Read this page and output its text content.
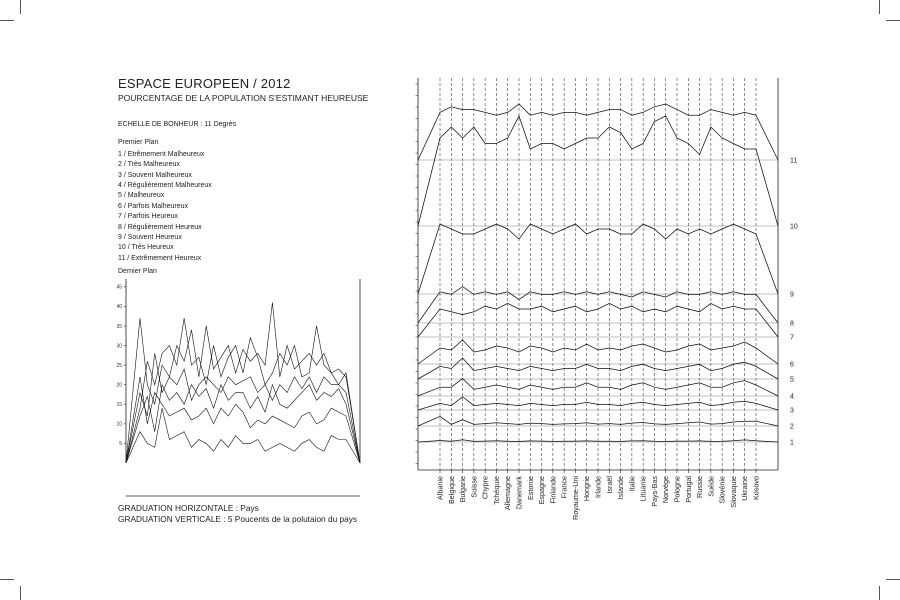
ESPACE EUROPEEN / 2012
POURCENTAGE DE LA POPULATION S’ESTIMANT HEUREUSE
ECHELLE DE BONHEUR : 11 Degrès
Premier Plan
1 / Etrêmement Malheureux
2 / Très Malheureux
3 / Souvent Malheureux
4 / Régulièrement Malheureux
5 / Malheureux
6 / Parfois Malheureux
7 / Parfois Heureux
8 / Régulièrement Heureux
9 / Souvent Heureux
10 / Très Heureux
11 / Extrêmement Heureux
Dernier Plan
5
10
15
20
25
30
35
40
45
GRADUATION HORIZONTALE : Pays
GRADUATION VERTICALE : 5 Poucents de la polutaion du pays
1
2
3
4
5
6
7
8
9
10
11
Albanie Belgique Bulgarie Suisse Chypre Tchéquie Allemagne Danemark Estonie Espagne Finlande France Royaume-Uni Hongrie Irlande Israël Islande Italie Lituanie Pays-Bas Norvège Pologne Portugal Russie Suède Slovénie Slovaquie Ukraine Kosovo
